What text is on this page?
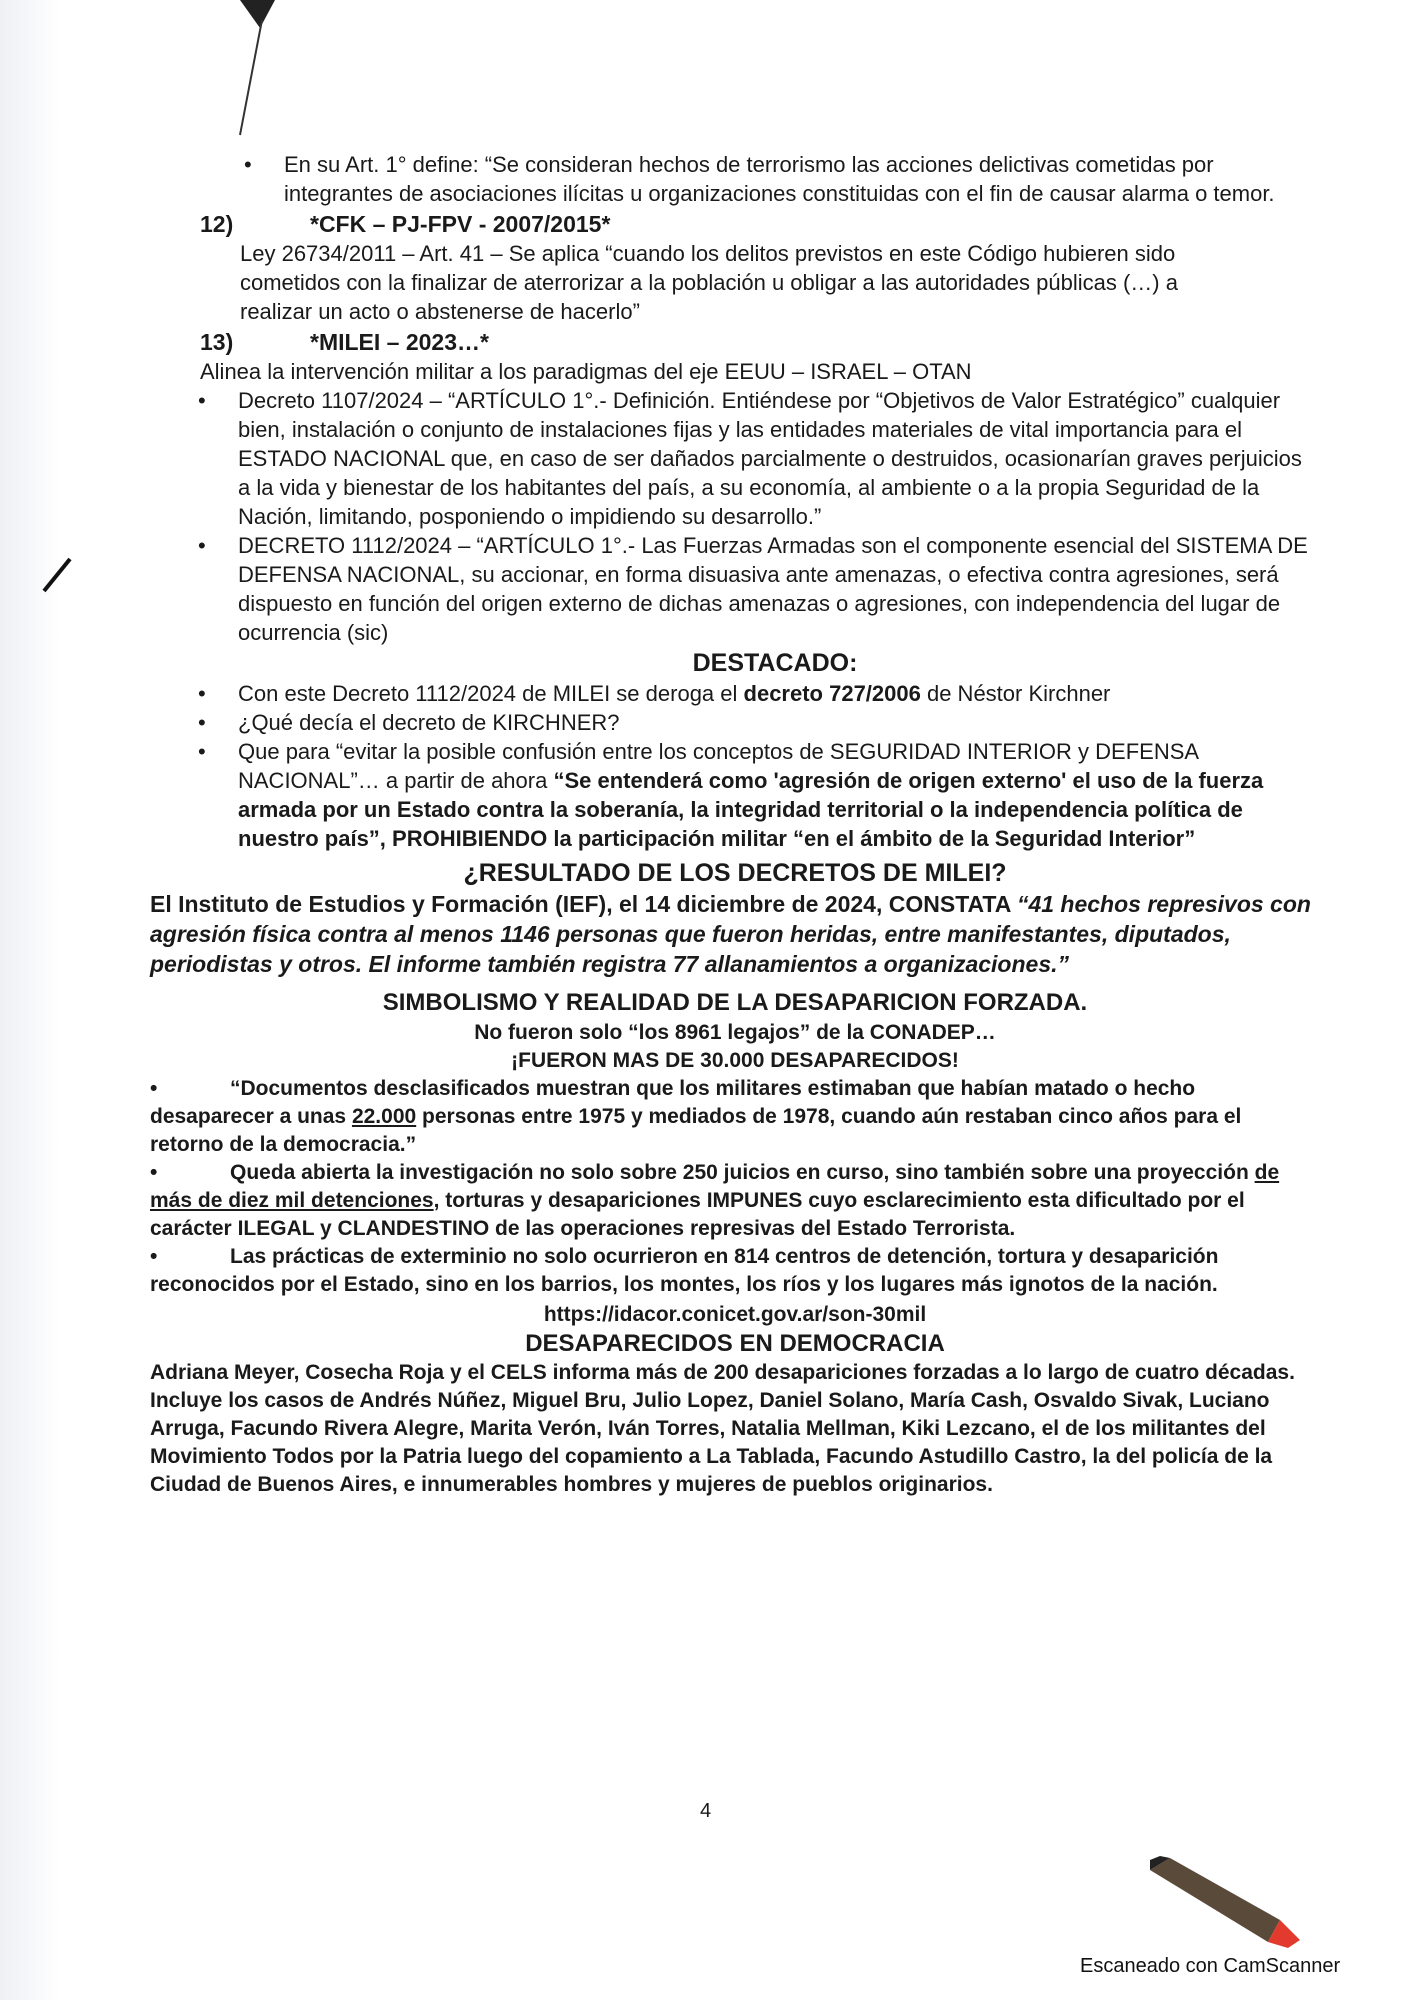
• En su Art. 1° define: “Se consideran hechos de terrorismo las acciones delictivas cometidas por integrantes de asociaciones ilícitas u organizaciones constituidas con el fin de causar alarma o temor.

12)	*CFK – PJ-FPV - 2007/2015*

Ley 26734/2011 – Art. 41 – Se aplica “cuando los delitos previstos en este Código hubieren sido cometidos con la finalizar de aterrorizar a la población u obligar a las autoridades públicas (…) a realizar un acto o abstenerse de hacerlo”

13)	*MILEI – 2023…*

Alinea la intervención militar a los paradigmas del eje EEUU – ISRAEL – OTAN

• Decreto 1107/2024 – “ARTÍCULO 1°.- Definición. Entiéndese por “Objetivos de Valor Estratégico” cualquier bien, instalación o conjunto de instalaciones fijas y las entidades materiales de vital importancia para el ESTADO NACIONAL que, en caso de ser dañados parcialmente o destruidos, ocasionarían graves perjuicios a la vida y bienestar de los habitantes del país, a su economía, al ambiente o a la propia Seguridad de la Nación, limitando, posponiendo o impidiendo su desarrollo.”

• DECRETO 1112/2024 – “ARTÍCULO 1°.- Las Fuerzas Armadas son el componente esencial del SISTEMA DE DEFENSA NACIONAL, su accionar, en forma disuasiva ante amenazas, o efectiva contra agresiones, será dispuesto en función del origen externo de dichas amenazas o agresiones, con independencia del lugar de ocurrencia (sic)

DESTACADO:

• Con este Decreto 1112/2024 de MILEI se deroga el decreto 727/2006 de Néstor Kirchner

• ¿Qué decía el decreto de KIRCHNER?

• Que para “evitar la posible confusión entre los conceptos de SEGURIDAD INTERIOR y DEFENSA NACIONAL”… a partir de ahora “Se entenderá como 'agresión de origen externo' el uso de la fuerza armada por un Estado contra la soberanía, la integridad territorial o la independencia política de nuestro país”, PROHIBIENDO la participación militar “en el ámbito de la Seguridad Interior”

¿RESULTADO DE LOS DECRETOS DE MILEI?

El Instituto de Estudios y Formación (IEF), el 14 diciembre de 2024, CONSTATA “41 hechos represivos con agresión física contra al menos 1146 personas que fueron heridas, entre manifestantes, diputados, periodistas y otros. El informe también registra 77 allanamientos a organizaciones.”

SIMBOLISMO Y REALIDAD DE LA DESAPARICION FORZADA.
No fueron solo “los 8961 legajos” de la CONADEP…
¡FUERON MAS DE 30.000 DESAPARECIDOS!

•	“Documentos desclasificados muestran que los militares estimaban que habían matado o hecho desaparecer a unas 22.000 personas entre 1975 y mediados de 1978, cuando aún restaban cinco años para el retorno de la democracia.”

•	Queda abierta la investigación no solo sobre 250 juicios en curso, sino también sobre una proyección de más de diez mil detenciones, torturas y desapariciones IMPUNES cuyo esclarecimiento esta dificultado por el carácter ILEGAL y CLANDESTINO de las operaciones represivas del Estado Terrorista.

•	Las prácticas de exterminio no solo ocurrieron en 814 centros de detención, tortura y desaparición reconocidos por el Estado, sino en los barrios, los montes, los ríos y los lugares más ignotos de la nación.

https://idacor.conicet.gov.ar/son-30mil
DESAPARECIDOS EN DEMOCRACIA

Adriana Meyer, Cosecha Roja y el CELS informa más de 200 desapariciones forzadas a lo largo de cuatro décadas. Incluye los casos de Andrés Núñez, Miguel Bru, Julio Lopez, Daniel Solano, María Cash, Osvaldo Sivak, Luciano Arruga, Facundo Rivera Alegre, Marita Verón, Iván Torres, Natalia Mellman, Kiki Lezcano, el de los militantes del Movimiento Todos por la Patria luego del copamiento a La Tablada, Facundo Astudillo Castro, la del policía de la Ciudad de Buenos Aires, e innumerables hombres y mujeres de pueblos originarios.

4
Escaneado con CamScanner
